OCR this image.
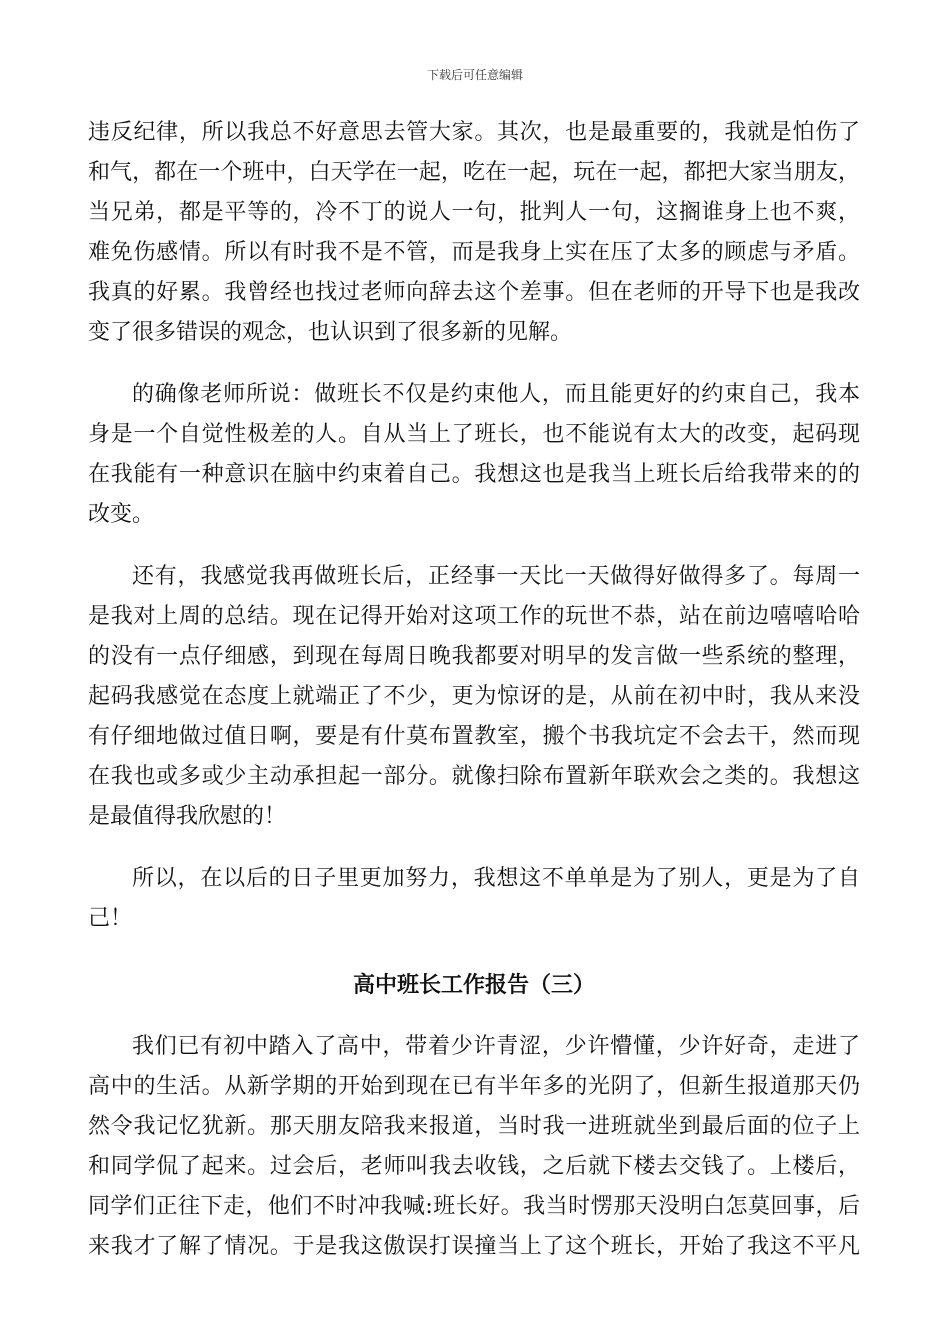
下载后可任意编辑
违反纪律，所以我总不好意思去管大家。其次，也是最重要的，我就是怕伤了
和气，都在一个班中，白天学在一起，吃在一起，玩在一起，都把大家当朋友，
当兄弟，都是平等的，冷不丁的说人一句，批判人一句，这搁谁身上也不爽，
难免伤感情。所以有时我不是不管，而是我身上实在压了太多的顾虑与矛盾。
我真的好累。我曾经也找过老师向辞去这个差事。但在老师的开导下也是我改
变了很多错误的观念，也认识到了很多新的见解。
的确像老师所说：做班长不仅是约束他人，而且能更好的约束自己，我本
身是一个自觉性极差的人。自从当上了班长，也不能说有太大的改变，起码现
在我能有一种意识在脑中约束着自己。我想这也是我当上班长后给我带来的的
改变。
还有，我感觉我再做班长后，正经事一天比一天做得好做得多了。每周一
是我对上周的总结。现在记得开始对这项工作的玩世不恭，站在前边嘻嘻哈哈
的没有一点仔细感，到现在每周日晚我都要对明早的发言做一些系统的整理，
起码我感觉在态度上就端正了不少，更为惊讶的是，从前在初中时，我从来没
有仔细地做过值日啊，要是有什莫布置教室，搬个书我坑定不会去干，然而现
在我也或多或少主动承担起一部分。就像扫除布置新年联欢会之类的。我想这
是最值得我欣慰的！
所以，在以后的日子里更加努力，我想这不单单是为了别人，更是为了自
己！
高中班长工作报告（三）
我们已有初中踏入了高中，带着少许青涩，少许懵懂，少许好奇，走进了
高中的生活。从新学期的开始到现在已有半年多的光阴了，但新生报道那天仍
然令我记忆犹新。那天朋友陪我来报道，当时我一进班就坐到最后面的位子上
和同学侃了起来。过会后，老师叫我去收钱，之后就下楼去交钱了。上楼后，
同学们正往下走，他们不时冲我喊:班长好。我当时愣那天没明白怎莫回事，后
来我才了解了情况。于是我这傲误打误撞当上了这个班长，开始了我这不平凡
